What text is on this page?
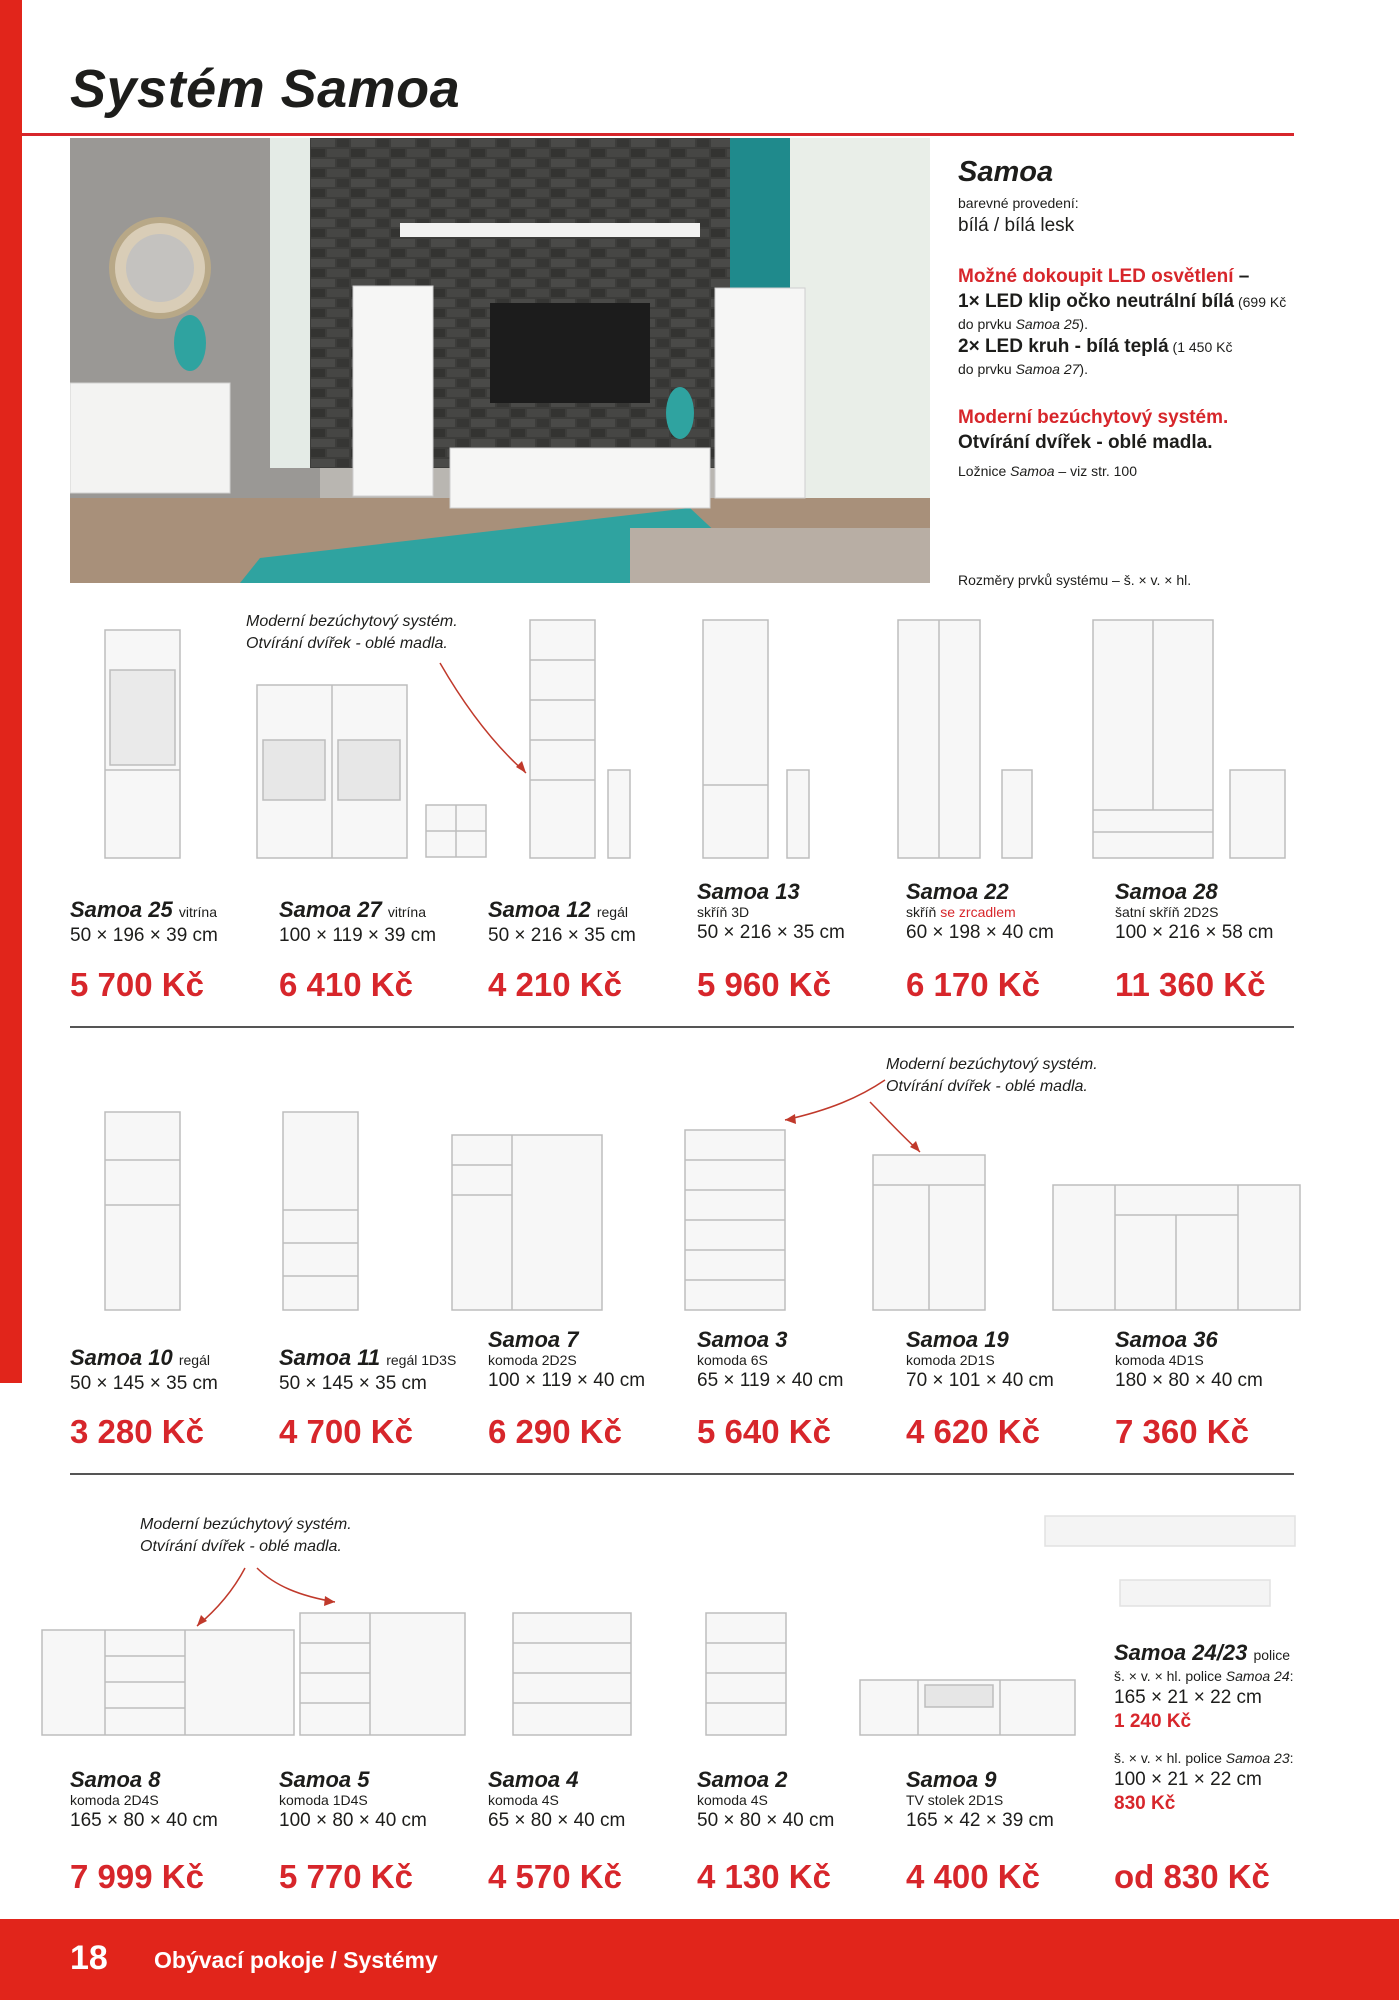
Systém Samoa
Samoa
barevné provedení:
bílá / bílá lesk
Možné dokoupit LED osvětlení –
1× LED klip očko neutrální bílá (699 Kč
do prvku Samoa 25).
2× LED kruh - bílá teplá (1 450 Kč
do prvku Samoa 27).
Moderní bezúchytový systém.
Otvírání dvířek - oblé madla.
Ložnice Samoa – viz str. 100
Rozměry prvků systému – š. × v. × hl.
Moderní bezúchytový systém.
Otvírání dvířek - oblé madla.
Samoa 25 vitrína
50 × 196 × 39 cm
5 700 Kč
Samoa 27 vitrína
100 × 119 × 39 cm
6 410 Kč
Samoa 12 regál
50 × 216 × 35 cm
4 210 Kč
Samoa 13
skříň 3D
50 × 216 × 35 cm
5 960 Kč
Samoa 22
skříň se zrcadlem
60 × 198 × 40 cm
6 170 Kč
Samoa 28
šatní skříň 2D2S
100 × 216 × 58 cm
11 360 Kč
Moderní bezúchytový systém.
Otvírání dvířek - oblé madla.
Samoa 10 regál
50 × 145 × 35 cm
3 280 Kč
Samoa 11 regál 1D3S
50 × 145 × 35 cm
4 700 Kč
Samoa 7
komoda 2D2S
100 × 119 × 40 cm
6 290 Kč
Samoa 3
komoda 6S
65 × 119 × 40 cm
5 640 Kč
Samoa 19
komoda 2D1S
70 × 101 × 40 cm
4 620 Kč
Samoa 36
komoda 4D1S
180 × 80 × 40 cm
7 360 Kč
Moderní bezúchytový systém.
Otvírání dvířek - oblé madla.
Samoa 8
komoda 2D4S
165 × 80 × 40 cm
7 999 Kč
Samoa 5
komoda 1D4S
100 × 80 × 40 cm
5 770 Kč
Samoa 4
komoda 4S
65 × 80 × 40 cm
4 570 Kč
Samoa 2
komoda 4S
50 × 80 × 40 cm
4 130 Kč
Samoa 9
TV stolek 2D1S
165 × 42 × 39 cm
4 400 Kč
Samoa 24/23 police
š. × v. × hl. police Samoa 24:
165 × 21 × 22 cm
1 240 Kč
š. × v. × hl. police Samoa 23:
100 × 21 × 22 cm
830 Kč
od 830 Kč
18 Obývací pokoje / Systémy
